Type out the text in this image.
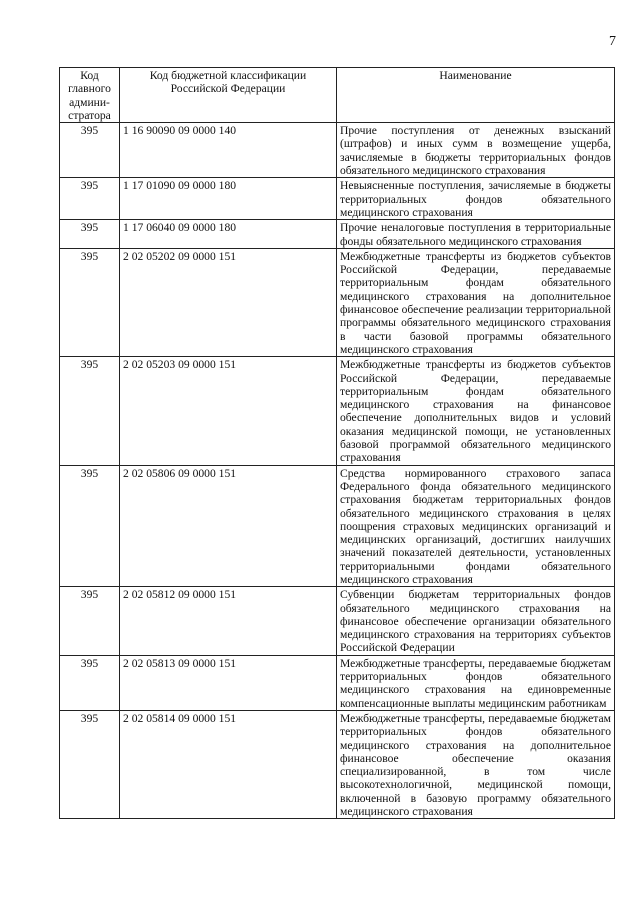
7
Код главного админи-стратора	Код бюджетной классификации Российской Федерации	Наименование
395	1 16 90090 09 0000 140	Прочие поступления от денежных взысканий (штрафов) и иных сумм в возмещение ущерба, зачисляемые в бюджеты территориальных фондов обязательного медицинского страхования
395	1 17 01090 09 0000 180	Невыясненные поступления, зачисляемые в бюджеты территориальных фондов обязательного медицинского страхования
395	1 17 06040 09 0000 180	Прочие неналоговые поступления в территориальные фонды обязательного медицинского страхования
395	2 02 05202 09 0000 151	Межбюджетные трансферты из бюджетов субъектов Российской Федерации, передаваемые территориальным фондам обязательного медицинского страхования на дополнительное финансовое обеспечение реализации территориальной программы обязательного медицинского страхования в части базовой программы обязательного медицинского страхования
395	2 02 05203 09 0000 151	Межбюджетные трансферты из бюджетов субъектов Российской Федерации, передаваемые территориальным фондам обязательного медицинского страхования на финансовое обеспечение дополнительных видов и условий оказания медицинской помощи, не установленных базовой программой обязательного медицинского страхования
395	2 02 05806 09 0000 151	Средства нормированного страхового запаса Федерального фонда обязательного медицинского страхования бюджетам территориальных фондов обязательного медицинского страхования в целях поощрения страховых медицинских организаций и медицинских организаций, достигших наилучших значений показателей деятельности, установленных территориальными фондами обязательного медицинского страхования
395	2 02 05812 09 0000 151	Субвенции бюджетам территориальных фондов обязательного медицинского страхования на финансовое обеспечение организации обязательного медицинского страхования на территориях субъектов Российской Федерации
395	2 02 05813 09 0000 151	Межбюджетные трансферты, передаваемые бюджетам территориальных фондов обязательного медицинского страхования на единовременные компенсационные выплаты медицинским работникам
395	2 02 05814 09 0000 151	Межбюджетные трансферты, передаваемые бюджетам территориальных фондов обязательного медицинского страхования на дополнительное финансовое обеспечение оказания специализированной, в том числе высокотехнологичной, медицинской помощи, включенной в базовую программу обязательного медицинского страхования
